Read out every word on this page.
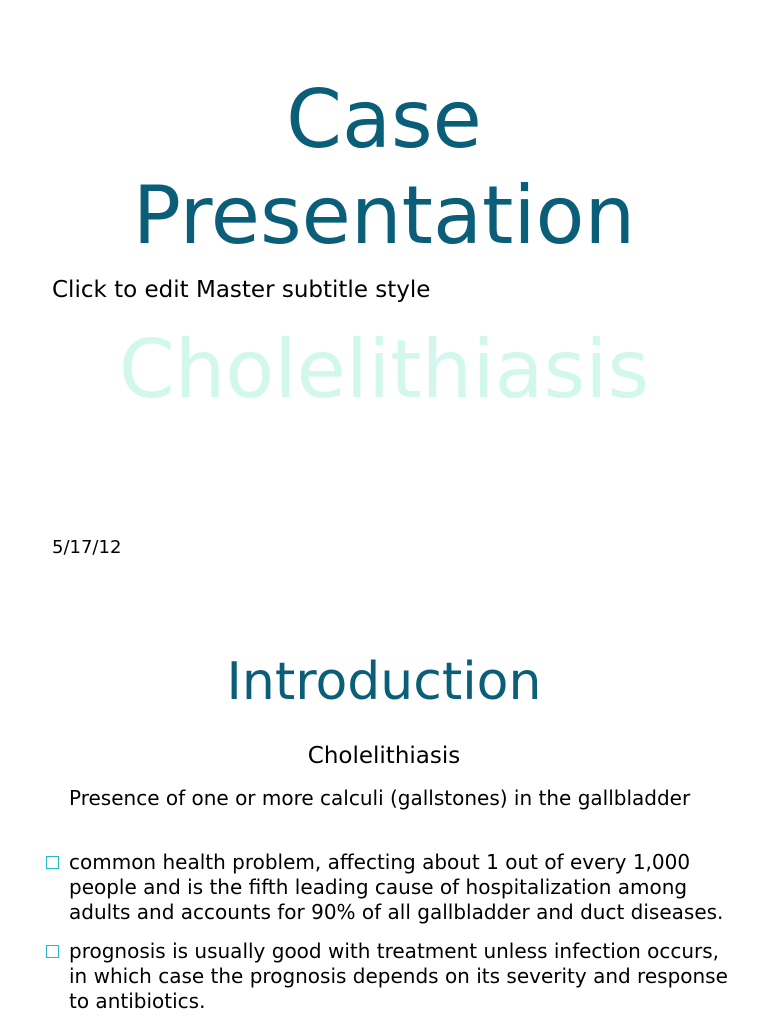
Case
Presentation
Click to edit Master subtitle style
Cholelithiasis
5/17/12
Introduction
Cholelithiasis
Presence of one or more calculi (gallstones) in the gallbladder
common health problem, affecting about 1 out of every 1,000 people and is the fifth leading cause of hospitalization among adults and accounts for 90% of all gallbladder and duct diseases.
prognosis is usually good with treatment unless infection occurs, in which case the prognosis depends on its severity and response to antibiotics.
